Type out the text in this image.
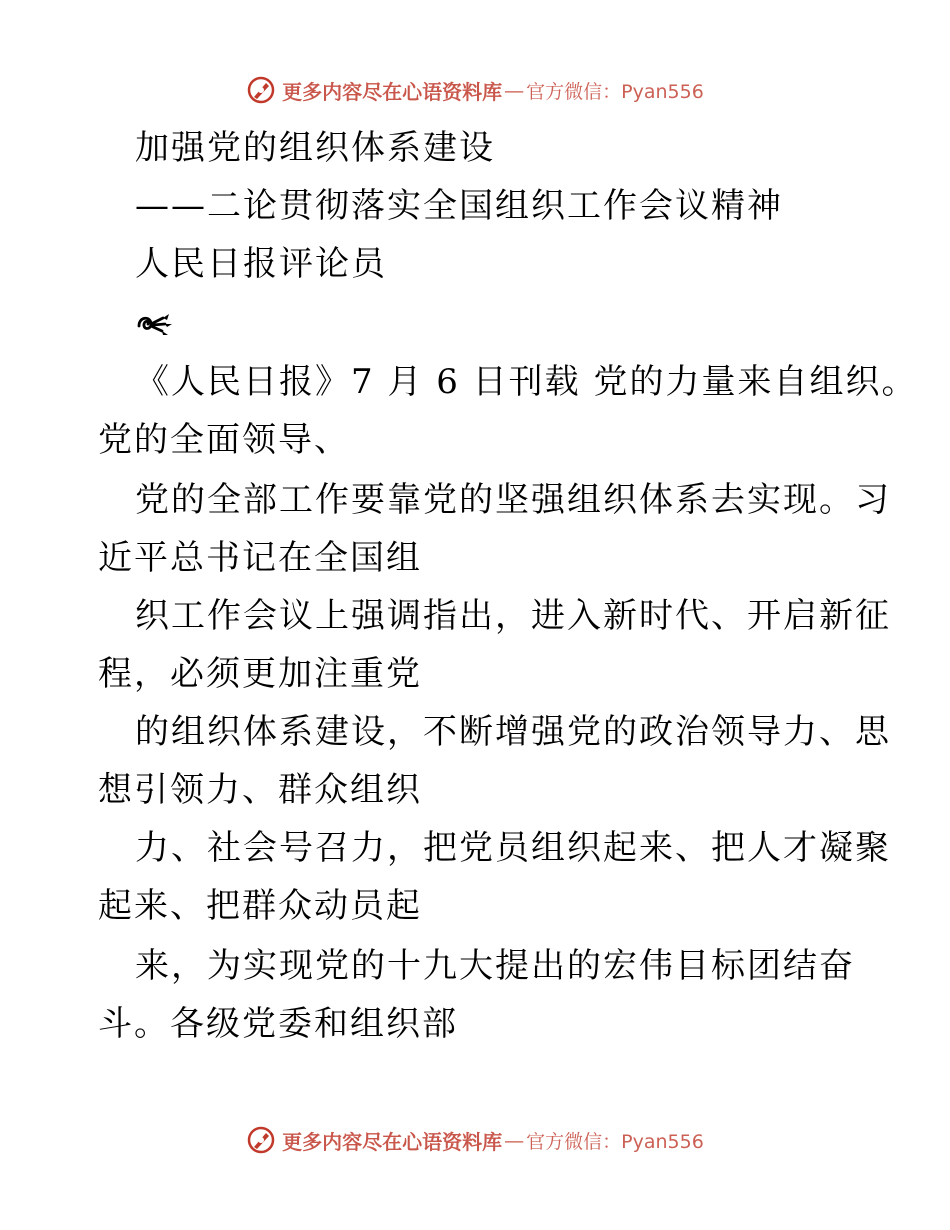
更多内容尽在心语资料库 — 官方微信：Pyan556
加强党的组织体系建设
——二论贯彻落实全国组织工作会议精神
人民日报评论员
《人民日报》7 月 6 日刊载 党的力量来自组织。
党的全面领导、
党的全部工作要靠党的坚强组织体系去实现。习
近平总书记在全国组
织工作会议上强调指出，进入新时代、开启新征
程，必须更加注重党
的组织体系建设，不断增强党的政治领导力、思
想引领力、群众组织
力、社会号召力，把党员组织起来、把人才凝聚
起来、把群众动员起
来，为实现党的十九大提出的宏伟目标团结奋
斗。各级党委和组织部
更多内容尽在心语资料库 — 官方微信：Pyan556
